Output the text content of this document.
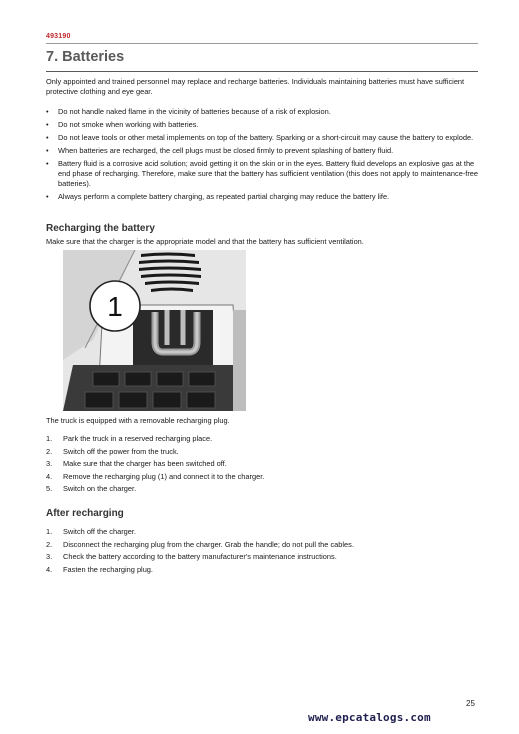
493190
7. Batteries

Only appointed and trained personnel may replace and recharge batteries. Individuals maintaining batteries must have sufficient protective clothing and eye gear.

• Do not handle naked flame in the vicinity of batteries because of a risk of explosion.
• Do not smoke when working with batteries.
• Do not leave tools or other metal implements on top of the battery. Sparking or a short-circuit may cause the battery to explode.
• When batteries are recharged, the cell plugs must be closed firmly to prevent splashing of battery fluid.
• Battery fluid is a corrosive acid solution; avoid getting it on the skin or in the eyes. Battery fluid develops an explosive gas at the end phase of recharging. Therefore, make sure that the battery has sufficient ventilation (this does not apply to maintenance-free batteries).
• Always perform a complete battery charging, as repeated partial charging may reduce the battery life.
Recharging the battery

Make sure that the charger is the appropriate model and that the battery has sufficient ventilation.

1

The truck is equipped with a removable recharging plug.

1. Park the truck in a reserved recharging place.
2. Switch off the power from the truck.
3. Make sure that the charger has been switched off.
4. Remove the recharging plug (1) and connect it to the charger.
5. Switch on the charger.
After recharging
1. Switch off the charger.
2. Disconnect the recharging plug from the charger. Grab the handle; do not pull the cables.
3. Check the battery according to the battery manufacturer's maintenance instructions.
4. Fasten the recharging plug.
25
www.epcatalogs.com
